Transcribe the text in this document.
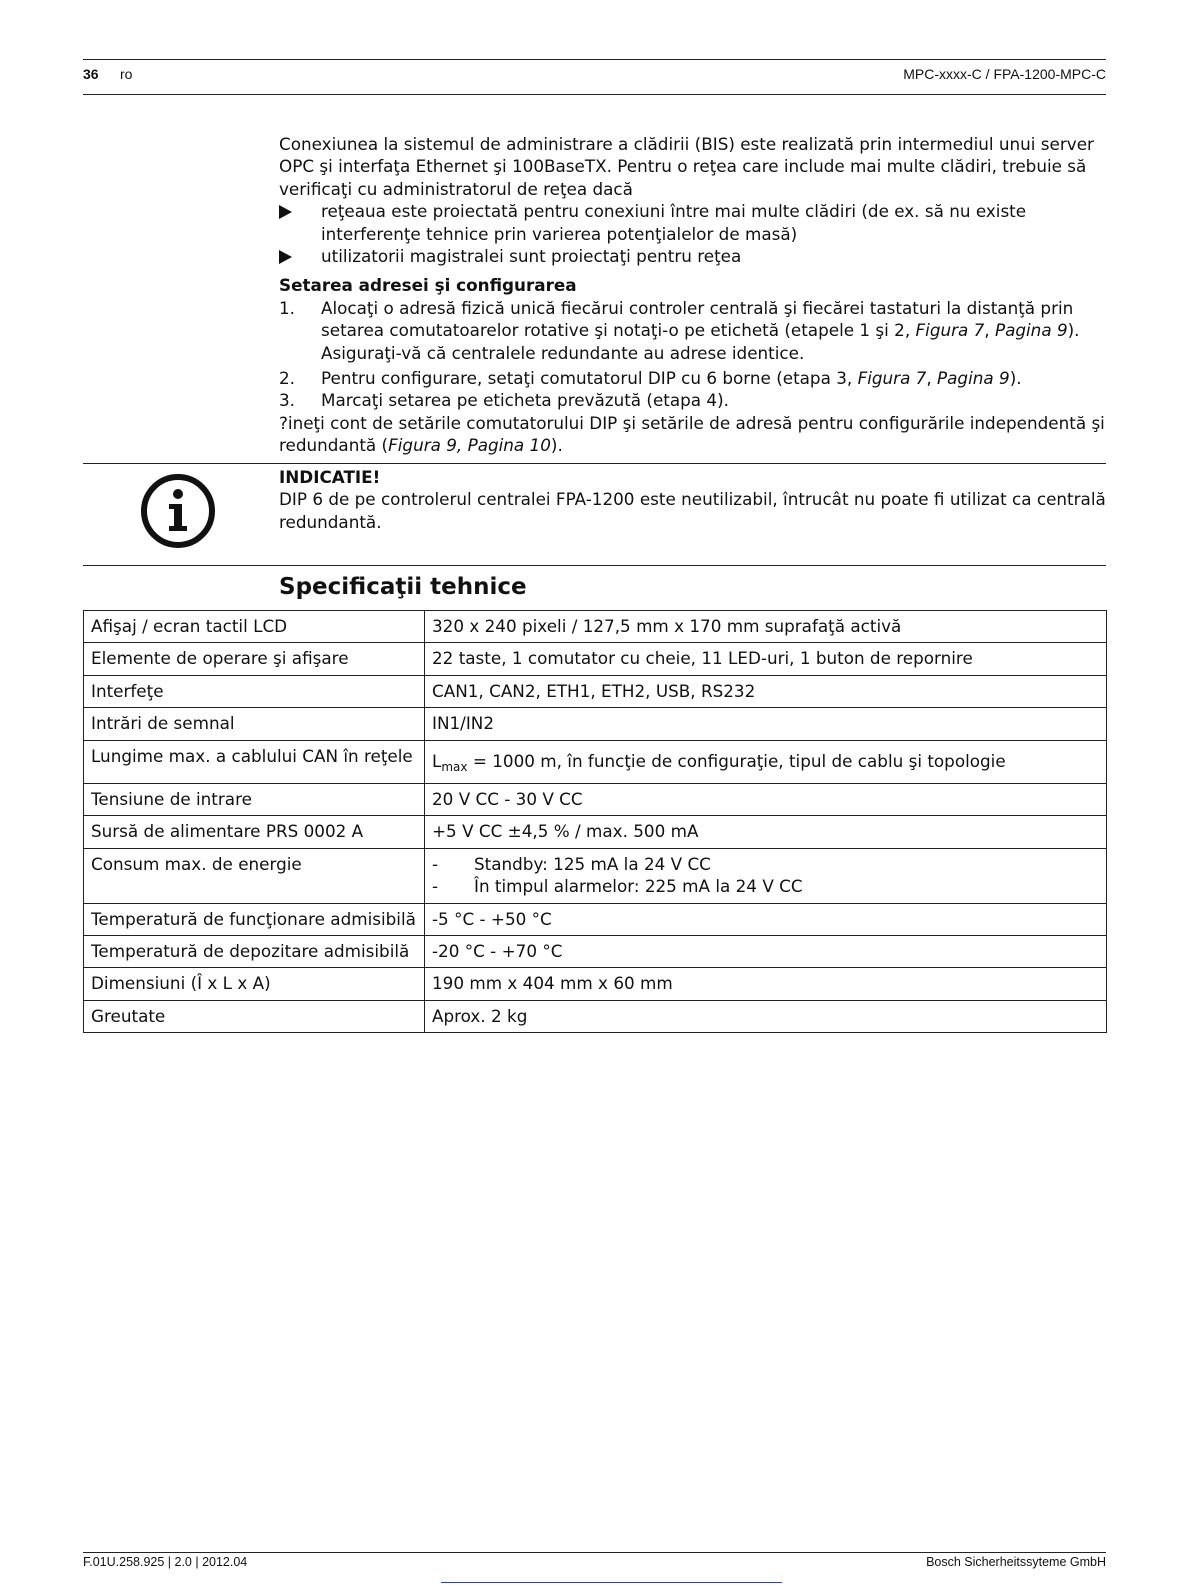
36 ro	MPC-xxxx-C / FPA-1200-MPC-C

Conexiunea la sistemul de administrare a clădirii (BIS) este realizată prin intermediul unui server OPC şi interfaţa Ethernet şi 100BaseTX. Pentru o reţea care include mai multe clădiri, trebuie să verificaţi cu administratorul de reţea dacă

reţeaua este proiectată pentru conexiuni între mai multe clădiri (de ex. să nu existe interferenţe tehnice prin varierea potenţialelor de masă)

utilizatorii magistralei sunt proiectaţi pentru reţea

Setarea adresei şi configurarea

1. Alocaţi o adresă fizică unică fiecărui controler centrală şi fiecărei tastaturi la distanţă prin setarea comutatoarelor rotative şi notaţi-o pe etichetă (etapele 1 şi 2, Figura 7, Pagina 9).
Asiguraţi-vă că centralele redundante au adrese identice.

2. Pentru configurare, setaţi comutatorul DIP cu 6 borne (etapa 3, Figura 7, Pagina 9).

3. Marcaţi setarea pe eticheta prevăzută (etapa 4).

?ineţi cont de setările comutatorului DIP şi setările de adresă pentru configurările independentă şi redundantă (Figura 9, Pagina 10).

INDICATIE!

DIP 6 de pe controlerul centralei FPA-1200 este neutilizabil, întrucât nu poate fi utilizat ca centrală redundantă.

Specificaţii tehnice
Afişaj / ecran tactil LCD	320 x 240 pixeli / 127,5 mm x 170 mm suprafaţă activă
Elemente de operare şi afişare	22 taste, 1 comutator cu cheie, 11 LED-uri, 1 buton de repornire
Interfeţe	CAN1, CAN2, ETH1, ETH2, USB, RS232
Intrări de semnal	IN1/IN2
Lungime max. a cablului CAN în reţele	$L_{max} = 1000$ m, în funcţie de configuraţie, tipul de cablu şi topologie
Tensiune de intrare	20 V CC - 30 V CC
Sursă de alimentare PRS 0002 A	+5 V CC ±4,5 % / max. 500 mA
Consum max. de energie	- Standby: 125 mA la 24 V CC
- În timpul alarmelor: 225 mA la 24 V CC

Temperatură de funcţionare admisibilă	-5 °C - +50 °C
Temperatură de depozitare admisibilă	-20 °C - +70 °C
Dimensiuni (Î x L x A)	190 mm x 404 mm x 60 mm
Greutate	Aprox. 2 kg
F.01U.258.925 | 2.0 | 2012.04	Bosch Sicherheitssyteme GmbH
